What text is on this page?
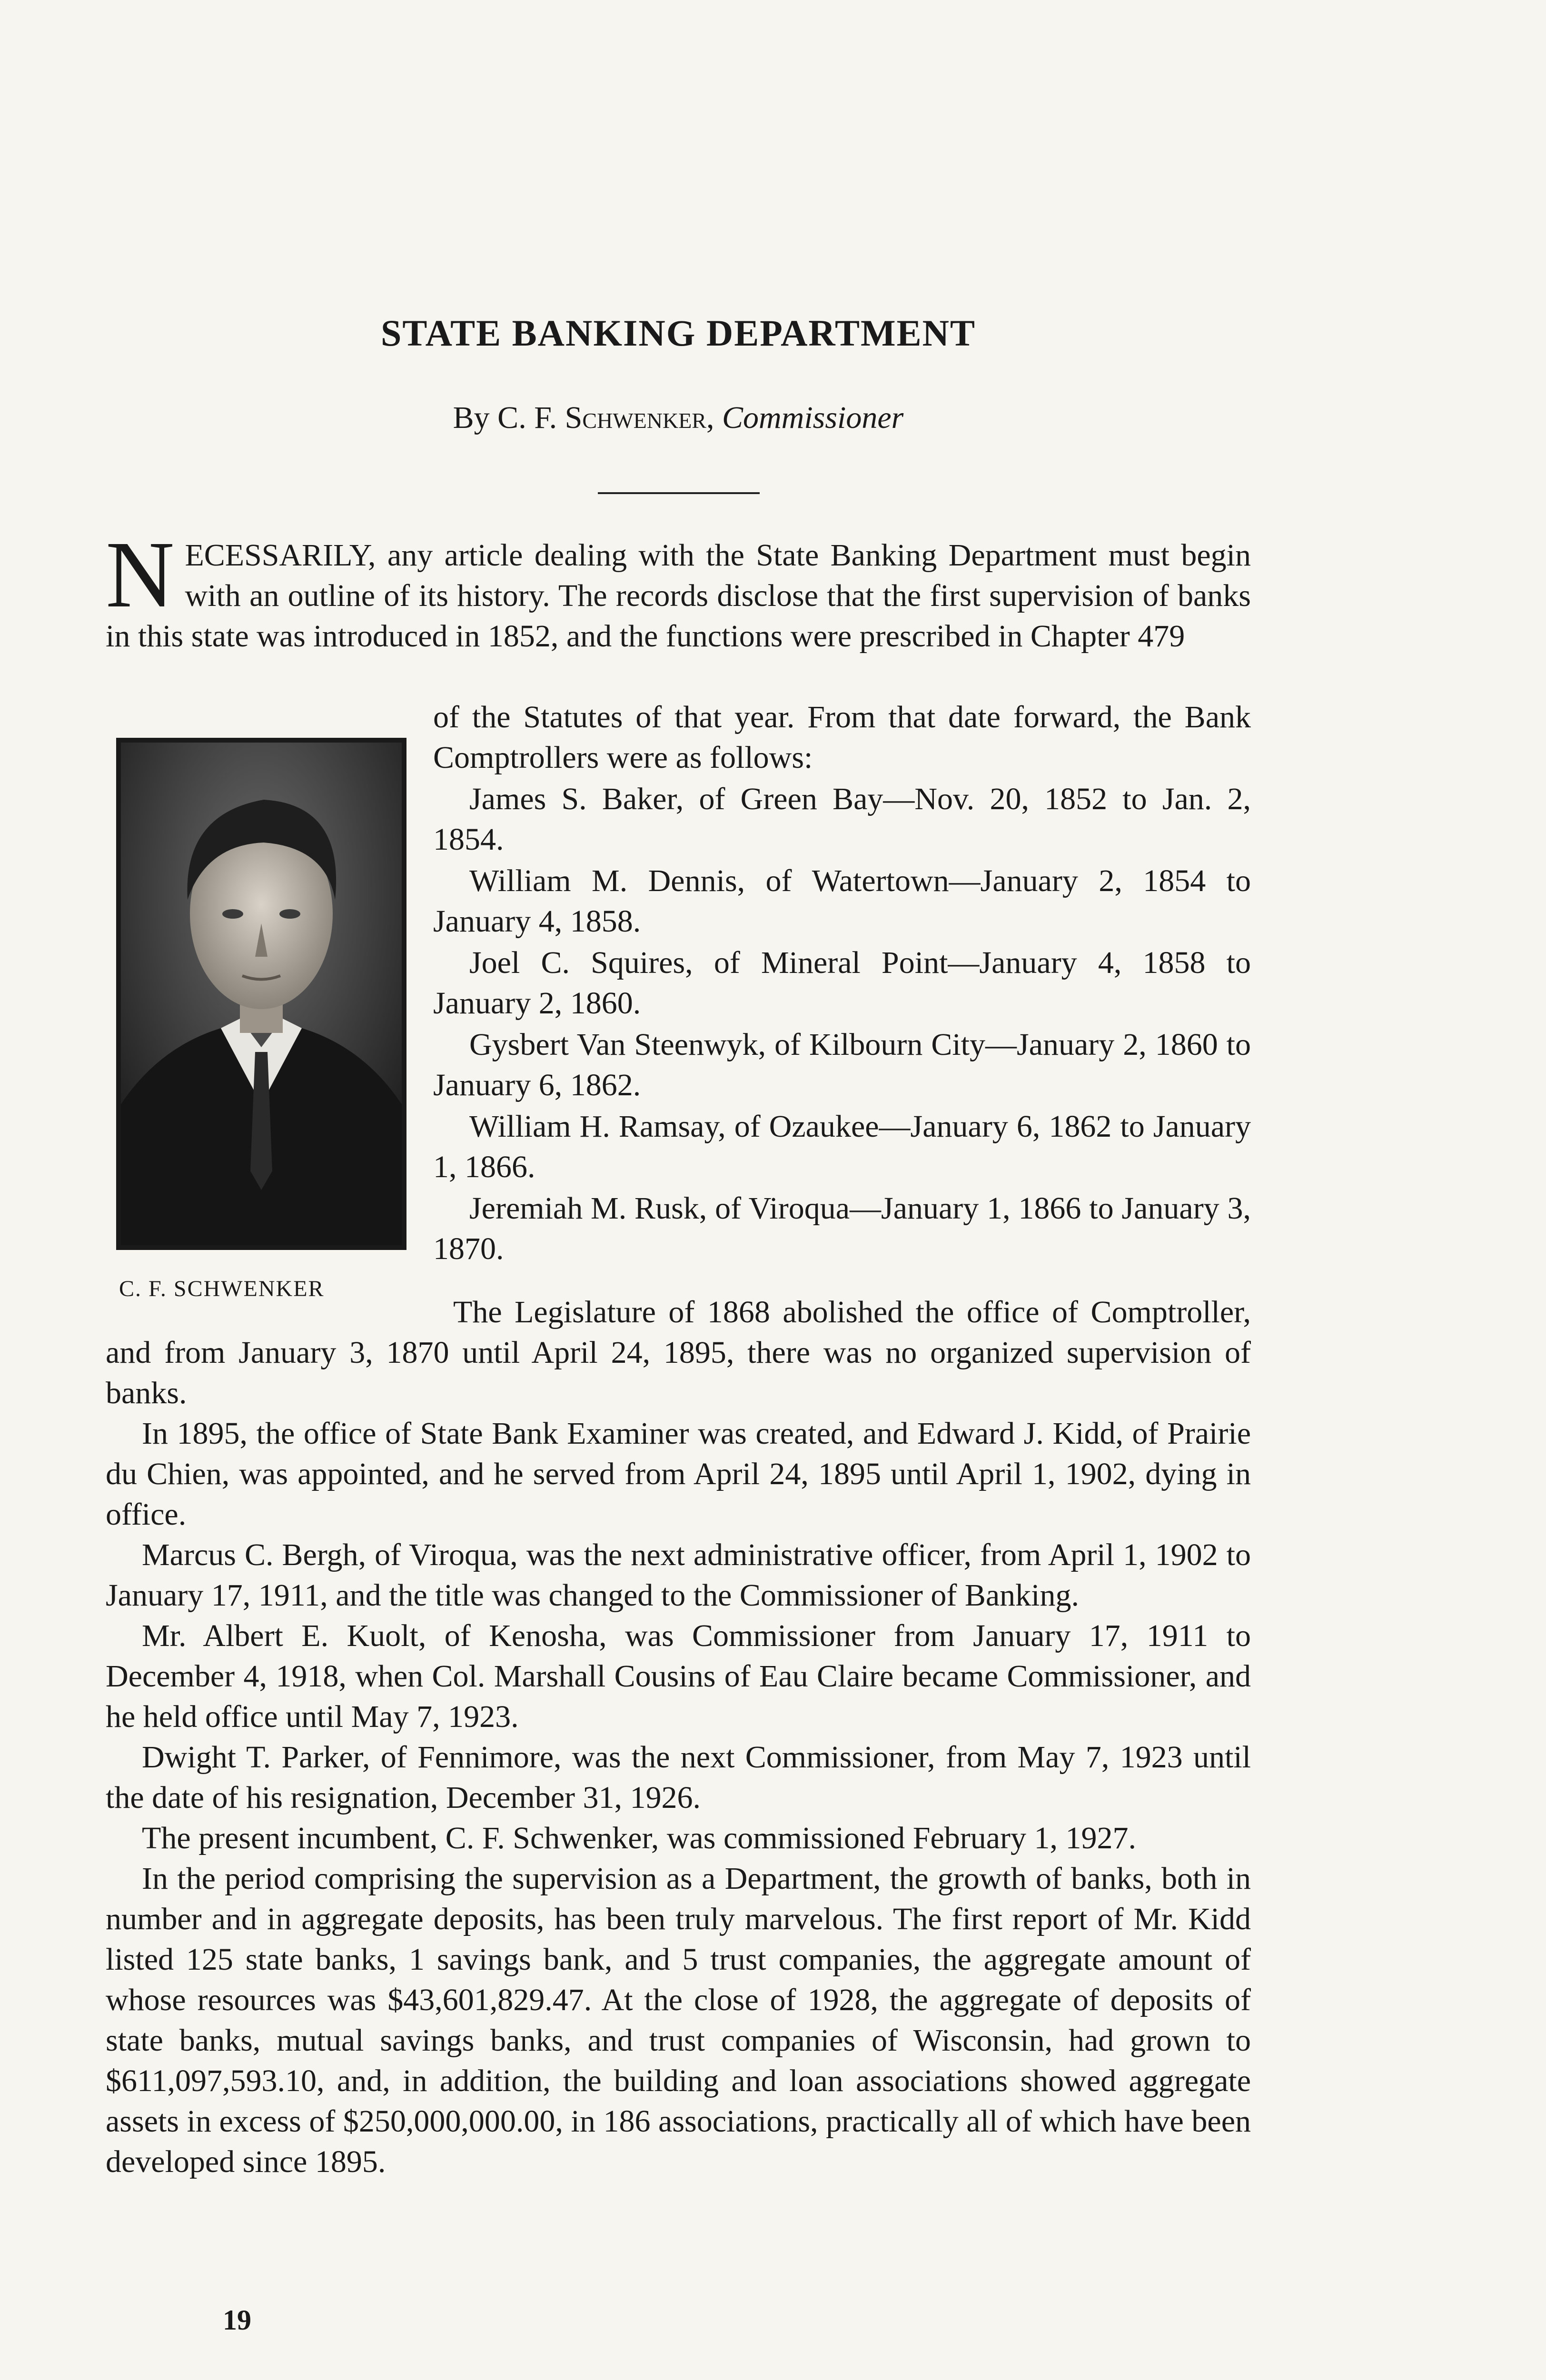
STATE BANKING DEPARTMENT
By C. F. Schwenker, Commissioner
NECESSARILY, any article dealing with the State Banking Department must begin with an outline of its history. The records disclose that the first supervision of banks in this state was introduced in 1852, and the functions were prescribed in Chapter 479
C. F. SCHWENKER

of the Statutes of that year. From that date forward, the Bank Comptrollers were as follows:

James S. Baker, of Green Bay—Nov. 20, 1852 to Jan. 2, 1854.

William M. Dennis, of Watertown—January 2, 1854 to January 4, 1858.

Joel C. Squires, of Mineral Point—January 4, 1858 to January 2, 1860.

Gysbert Van Steenwyk, of Kilbourn City—January 2, 1860 to January 6, 1862.

William H. Ramsay, of Ozaukee—January 6, 1862 to January 1, 1866.

Jeremiah M. Rusk, of Viroqua—January 1, 1866 to January 3, 1870.

The Legislature of 1868 abolished the office of Comptroller, and from January 3, 1870 until April 24, 1895, there was no organized supervision of banks.

In 1895, the office of State Bank Examiner was created, and Edward J. Kidd, of Prairie du Chien, was appointed, and he served from April 24, 1895 until April 1, 1902, dying in office.

Marcus C. Bergh, of Viroqua, was the next administrative officer, from April 1, 1902 to January 17, 1911, and the title was changed to the Commissioner of Banking.

Mr. Albert E. Kuolt, of Kenosha, was Commissioner from January 17, 1911 to December 4, 1918, when Col. Marshall Cousins of Eau Claire became Commissioner, and he held office until May 7, 1923.

Dwight T. Parker, of Fennimore, was the next Commissioner, from May 7, 1923 until the date of his resignation, December 31, 1926.

The present incumbent, C. F. Schwenker, was commissioned February 1, 1927.

In the period comprising the supervision as a Department, the growth of banks, both in number and in aggregate deposits, has been truly marvelous. The first report of Mr. Kidd listed 125 state banks, 1 savings bank, and 5 trust companies, the aggregate amount of whose resources was $43,601,829.47. At the close of 1928, the aggregate of deposits of state banks, mutual savings banks, and trust companies of Wisconsin, had grown to $611,097,593.10, and, in addition, the building and loan associations showed aggregate assets in excess of $250,000,000.00, in 186 associations, practically all of which have been developed since 1895.

19
